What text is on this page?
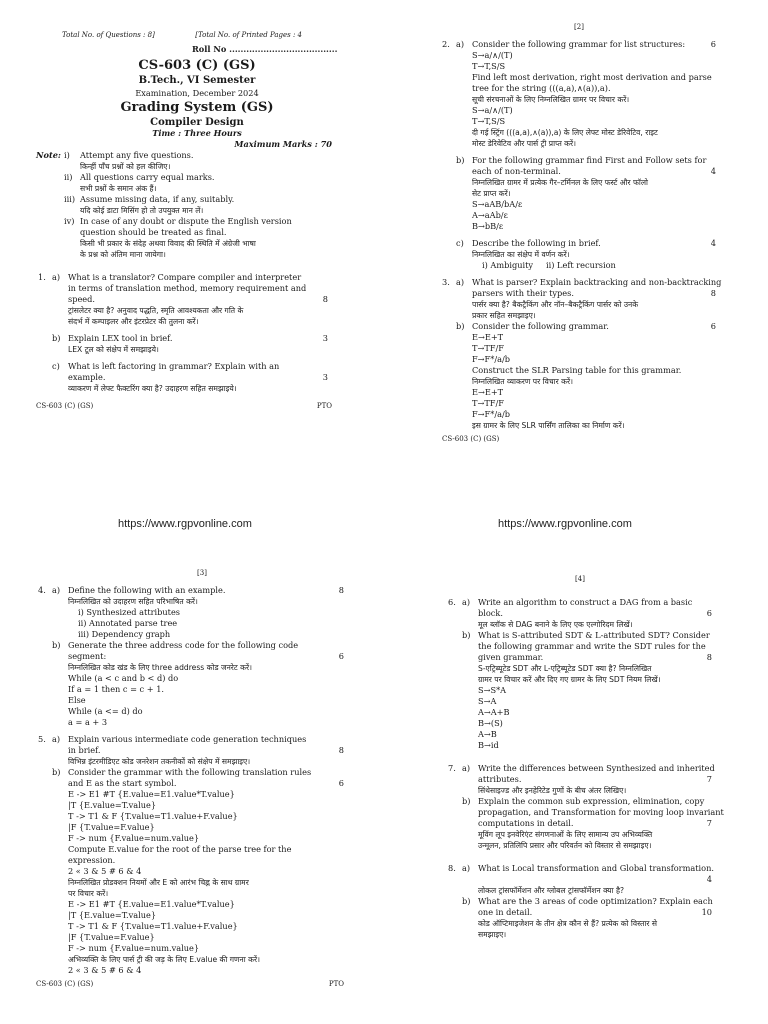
Total No. of Questions : 8]	[Total No. of Printed Pages : 4

Roll No ......................................

CS-603 (C) (GS)

B.Tech., VI Semester

Examination, December 2024

Grading System (GS)

Compiler Design

Time : Three Hours

Maximum Marks : 70

Note: i)	Attempt any five questions.

किन्हीं पाँच प्रश्नों को हल कीजिए।

ii) All questions carry equal marks.

सभी प्रश्नों के समान अंक हैं।

iii) Assume missing data, if any, suitably.

यदि कोई डाटा मिसिंग हो तो उपयुक्त मान लें।

iv) In case of any doubt or dispute the English version

question should be treated as final.

किसी भी प्रकार के संदेह अथवा विवाद की स्थिति में अंग्रेजी भाषा

के प्रश्न को अंतिम माना जायेगा।

1. a) What is a translator? Compare compiler and interpreter

in terms of translation method, memory requirement and

speed.	8

ट्रांसलेटर क्या है? अनुवाद पद्धति, स्मृति आवश्यकता और गति के

संदर्भ में कम्पाइलर और इंटरप्रेटर की तुलना करें।

b) Explain LEX tool in brief.	3

LEX टूल को संक्षेप में समझाइये।

c)	What is left factoring in grammar? Explain with an

example.	3

व्याकरण में लेफ्ट फैक्टरिंग क्या है? उदाहरण सहित समझाइये।

CS-603 (C) (GS)	PTO

[2]

2. a) Consider the following grammar for list structures:	6

S→a/∧/(T)

T→T,S/S

Find left most derivation, right most derivation and parse

tree for the string (((a,a),∧(a)),a).

सूची संरचनाओं के लिए निम्नलिखित ग्रामर पर विचार करें।

S→a/∧/(T)

T→T,S/S

दी गई स्ट्रिंग (((a,a),∧(a)),a) के लिए लेफ्ट मोस्ट डेरिवेटिव, राइट

मोस्ट डेरिवेटिव और पार्स ट्री प्राप्त करें।

b) For the following grammar find First and Follow sets for

each of non-terminal.	4

निम्नलिखित ग्रामर में प्रत्येक गैर–टर्मिनल के लिए फर्स्ट और फॉलो

सेट प्राप्त करें।

S→aAB/bA/ε

A→aAb/ε

B→bB/ε

c)	Describe the following in brief.	4

निम्नलिखित का संक्षेप में वर्णन करें।

i) Ambiguity ii) Left recursion

3. a) What is parser? Explain backtracking and non-backtracking

parsers with their types.	8

पार्सर क्या है? बैकट्रैकिंग और नॉन–बैकट्रैकिंग पार्सर को उनके

प्रकार सहित समझाइए।

b) Consider the following grammar.	6

E→E+T

T→TF/F

F→F*/a/b

Construct the SLR Parsing table for this grammar.

निम्नलिखित व्याकरण पर विचार करें।

E→E+T

T→TF/F

F→F*/a/b

इस ग्रामर के लिए SLR पार्सिंग तालिका का निर्माण करें।

CS-603 (C) (GS)
https://www.rgpvonline.com	https://www.rgpvonline.com

[3]

4. a) Define the following with an example.	8

निम्नलिखित को उदाहरण सहित परिभाषित करें।

i) Synthesized attributes

ii) Annotated parse tree

iii) Dependency graph

b) Generate the three address code for the following code

segment:	6

निम्नलिखित कोड खंड के लिए three address कोड जनरेट करें।

While (a < c and b < d) do

If a = 1 then c = c + 1.

Else

While (a <= d) do

a = a + 3

5. a) Explain various intermediate code generation techniques

in brief.	8

विभिन्न इंटरमीडिएट कोड जनरेशन तकनीकों को संक्षेप में समझाइए।

b) Consider the grammar with the following translation rules

and E as the start symbol.	6

E -> E1 #T {E.value=E1.value*T.value}

|T {E.value=T.value}

T -> T1 & F {T.value=T1.value+F.value}

|F {T.value=F.value}

F -> num {F.value=num.value}

Compute E.value for the root of the parse tree for the

expression.

2 « 3 & 5 # 6 & 4

निम्नलिखित प्रोडक्शन नियमों और E को आरंभ चिह्न के साथ ग्रामर

पर विचार करें।

E -> E1 #T {E.value=E1.value*T.value}

|T {E.value=T.value}

T -> T1 & F {T.value=T1.value+F.value}

|F {T.value=F.value}

F -> num {F.value=num.value}

अभिव्यक्ति के लिए पार्स ट्री की जड़ के लिए E.value की गणना करें।

2 « 3 & 5 # 6 & 4

CS-603 (C) (GS)	PTO

[4]

6. a) Write an algorithm to construct a DAG from a basic

block.	6

मूल ब्लॉक से DAG बनाने के लिए एक एल्गोरिदम लिखें।

b) What is S-attributed SDT & L-attributed SDT? Consider

the following grammar and write the SDT rules for the

given grammar.	8

S-एट्रिब्यूटेड SDT और L-एट्रिब्यूटेड SDT क्या है? निम्नलिखित

ग्रामर पर विचार करें और दिए गए ग्रामर के लिए SDT नियम लिखें।

S→S*A

S→A

A→A+B

B→(S)

A→B

B→id

7. a) Write the differences between Synthesized and inherited

attributes.	7

सिंथेसाइज्ड और इनहेरिटेड गुणों के बीच अंतर लिखिए।

b) Explain the common sub expression, elimination, copy

propagation, and Transformation for moving loop invariant

computations in detail.	7

मूविंग लूप इनवेरिएंट संगणनाओं के लिए सामान्य उप अभिव्यक्ति

उन्मूलन, प्रतिलिपि प्रसार और परिवर्तन को विस्तार से समझाइए।

8. a) What is Local transformation and Global transformation.

4

लोकल ट्रांसफॉर्मेशन और ग्लोबल ट्रांसफॉर्मेशन क्या है?

b) What are the 3 areas of code optimization? Explain each

one in detail.	10

कोड ऑप्टिमाइजेशन के तीन क्षेत्र कौन से हैं? प्रत्येक को विस्तार से

समझाइए।
